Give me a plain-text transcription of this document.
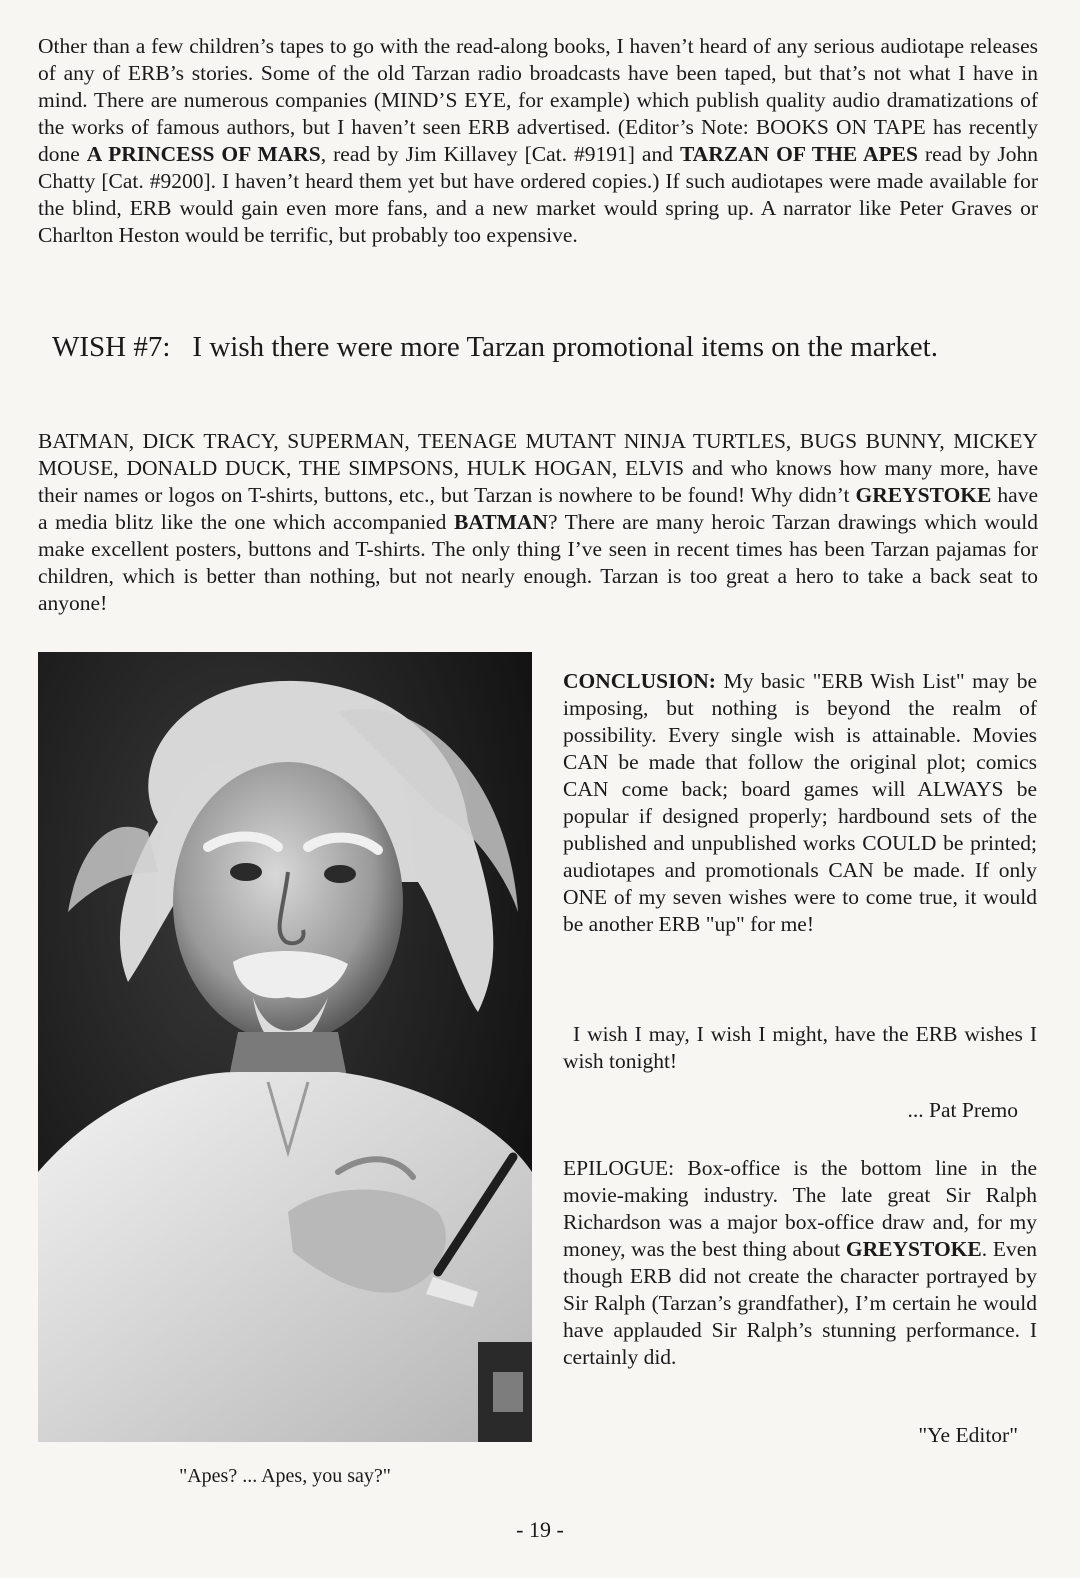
Other than a few children’s tapes to go with the read-along books, I haven’t heard of any serious audiotape releases of any of ERB’s stories. Some of the old Tarzan radio broadcasts have been taped, but that’s not what I have in mind. There are numerous companies (MIND’S EYE, for example) which publish quality audio dramatizations of the works of famous authors, but I haven’t seen ERB advertised. (Editor’s Note: BOOKS ON TAPE has recently done A PRINCESS OF MARS, read by Jim Killavey [Cat. #9191] and TARZAN OF THE APES read by John Chatty [Cat. #9200]. I haven’t heard them yet but have ordered copies.) If such audiotapes were made available for the blind, ERB would gain even more fans, and a new market would spring up. A narrator like Peter Graves or Charlton Heston would be terrific, but probably too expensive.

WISH #7: I wish there were more Tarzan promotional items on the market.

BATMAN, DICK TRACY, SUPERMAN, TEENAGE MUTANT NINJA TURTLES, BUGS BUNNY, MICKEY MOUSE, DONALD DUCK, THE SIMPSONS, HULK HOGAN, ELVIS and who knows how many more, have their names or logos on T-shirts, buttons, etc., but Tarzan is nowhere to be found! Why didn’t GREYSTOKE have a media blitz like the one which accompanied BATMAN? There are many heroic Tarzan drawings which would make excellent posters, buttons and T-shirts. The only thing I’ve seen in recent times has been Tarzan pajamas for children, which is better than nothing, but not nearly enough. Tarzan is too great a hero to take a back seat to anyone!

"Apes? ... Apes, you say?"

CONCLUSION: My basic "ERB Wish List" may be imposing, but nothing is beyond the realm of possibility. Every single wish is attainable. Movies CAN be made that follow the original plot; comics CAN come back; board games will ALWAYS be popular if designed properly; hardbound sets of the published and unpublished works COULD be printed; audiotapes and promotionals CAN be made. If only ONE of my seven wishes were to come true, it would be another ERB "up" for me!

I wish I may, I wish I might, have the ERB wishes I wish tonight!

... Pat Premo

EPILOGUE: Box-office is the bottom line in the movie-making industry. The late great Sir Ralph Richardson was a major box-office draw and, for my money, was the best thing about GREYSTOKE. Even though ERB did not create the character portrayed by Sir Ralph (Tarzan’s grandfather), I’m certain he would have applauded Sir Ralph’s stunning performance. I certainly did.

"Ye Editor"

- 19 -
